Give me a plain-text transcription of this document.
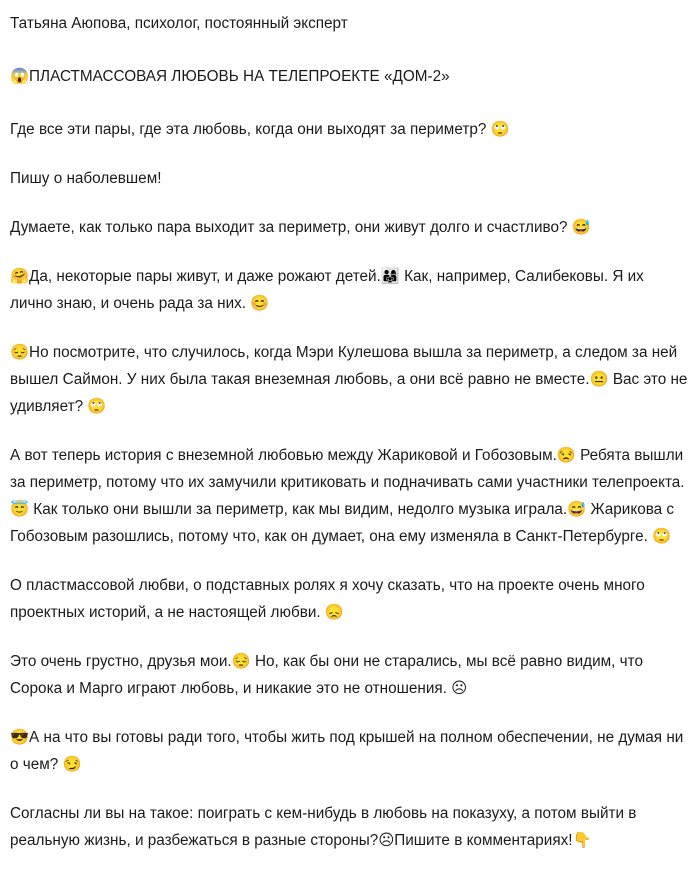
Татьяна Аюпова, психолог, постоянный эксперт

😱ПЛАСТМАССОВАЯ ЛЮБОВЬ НА ТЕЛЕПРОЕКТЕ «ДОМ-2»

Где все эти пары, где эта любовь, когда они выходят за периметр? 🙄

Пишу о наболевшем!

Думаете, как только пара выходит за периметр, они живут долго и счастливо? 😅

🤗Да, некоторые пары живут, и даже рожают детей.👨‍👩‍👧 Как, например, Салибековы. Я их лично знаю, и очень рада за них. 😊

😔Но посмотрите, что случилось, когда Мэри Кулешова вышла за периметр, а следом за ней вышел Саймон. У них была такая внеземная любовь, а они всё равно не вместе.😐 Вас это не удивляет? 🙄

А вот теперь история с внеземной любовью между Жариковой и Гобозовым.😒 Ребята вышли за периметр, потому что их замучили критиковать и подначивать сами участники телепроекта.😇 Как только они вышли за периметр, как мы видим, недолго музыка играла.😅 Жарикова с Гобозовым разошлись, потому что, как он думает, она ему изменяла в Санкт-Петербурге. 🙄

О пластмассовой любви, о подставных ролях я хочу сказать, что на проекте очень много проектных историй, а не настоящей любви. 😞

Это очень грустно, друзья мои.😔 Но, как бы они не старались, мы всё равно видим, что Сорока и Марго играют любовь, и никакие это не отношения. ☹

😎А на что вы готовы ради того, чтобы жить под крышей на полном обеспечении, не думая ни о чем? 😏

Согласны ли вы на такое: поиграть с кем-нибудь в любовь на показуху, а потом выйти в реальную жизнь, и разбежаться в разные стороны?☹Пишите в комментариях!👇
